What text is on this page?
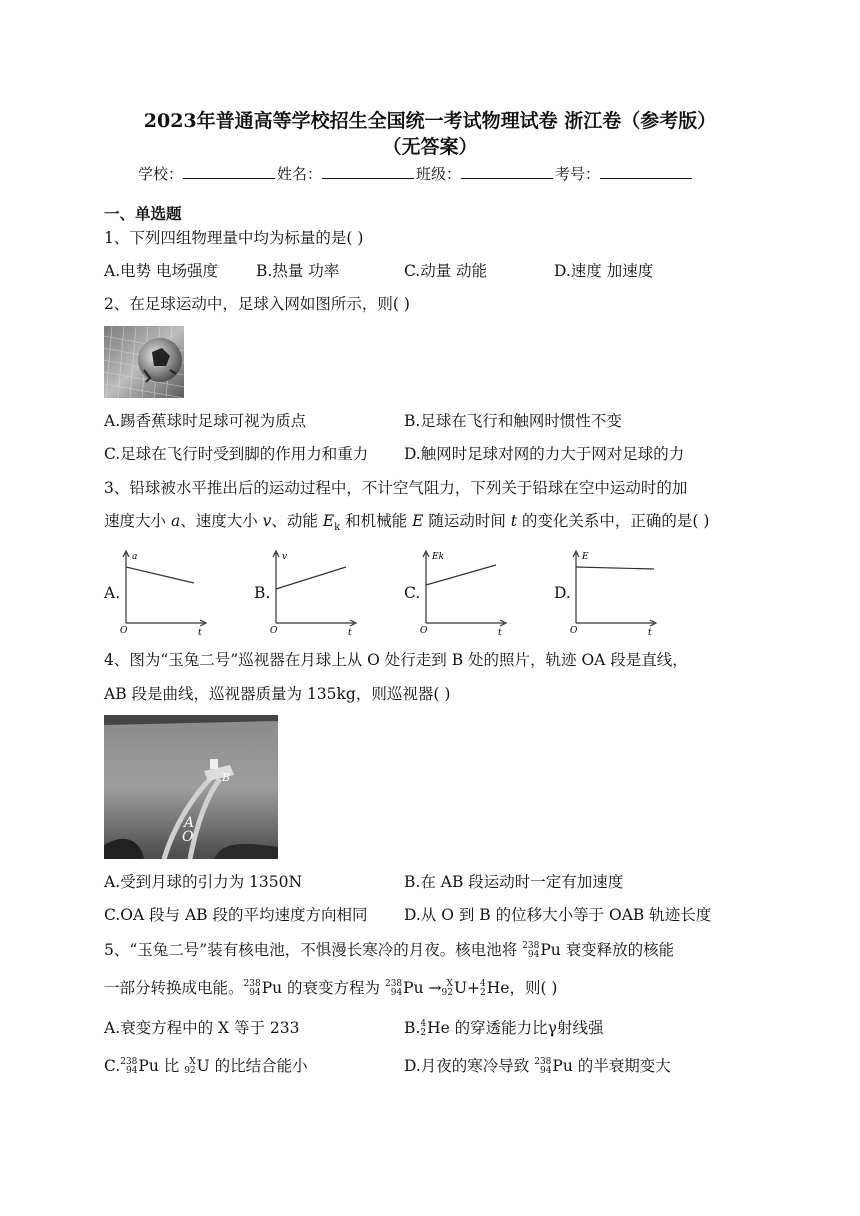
2023年普通高等学校招生全国统一考试物理试卷 浙江卷（参考版）
（无答案）
学校：	姓名：	班级：	考号：
一、单选题
1、下列四组物理量中均为标量的是( )
A.电势 电场强度 B.热量 功率	C.动量 动能	D.速度 加速度
2、在足球运动中，足球入网如图所示，则( )
A.踢香蕉球时足球可视为质点	B.足球在飞行和触网时惯性不变
C.足球在飞行时受到脚的作用力和重力 D.触网时足球对网的力大于网对足球的力
3、铅球被水平推出后的运动过程中，不计空气阻力，下列关于铅球在空中运动时的加
速度大小 a、速度大小 v、动能 $E_k$ 和机械能 E 随运动时间 t 的变化关系中，正确的是( )
A.	B.	C.	D.
a
t
O
v
t
O
Ek
t
O
E
t
O
4、图为“玉兔二号”巡视器在月球上从 O 处行走到 B 处的照片，轨迹 OA 段是直线，
AB 段是曲线，巡视器质量为 135kg，则巡视器( )
A
O
B
A.受到月球的引力为 1350N	B.在 AB 段运动时一定有加速度
C.OA 段与 AB 段的平均速度方向相同 D.从 O 到 B 的位移大小等于 OAB 轨迹长度
5、“玉兔二号”装有核电池，不惧漫长寒冷的月夜。核电池将 238
94 Pu 衰变释放的核能
一部分转换成电能。 238
94 Pu 的衰变方程为 238
94 Pu → X
92 U+ 4
2 He，则( )
A.衰变方程中的 X 等于 233	B. 4
2 He 的穿透能力比γ射线强
C. 238
94 Pu 比 X
92 U 的比结合能小	D.月夜的寒冷导致 238
94 Pu 的半衰期变大
